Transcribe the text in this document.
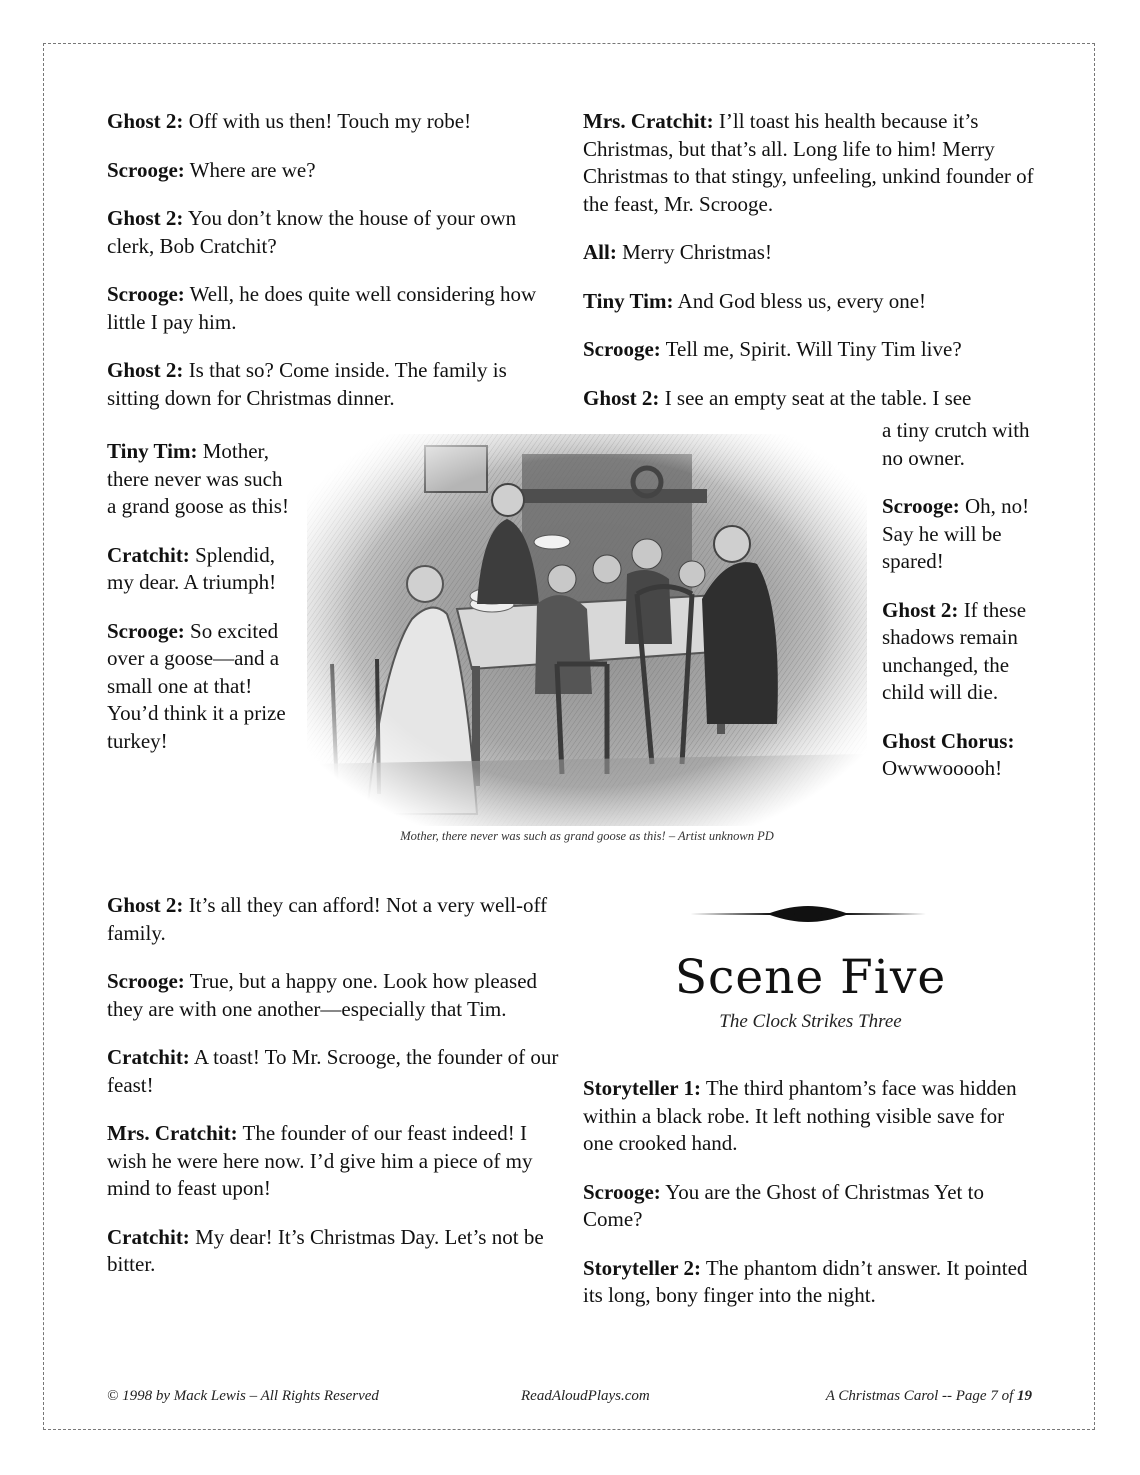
Ghost 2: Off with us then! Touch my robe!

Scrooge: Where are we?

Ghost 2: You don’t know the house of your own clerk, Bob Cratchit?

Scrooge: Well, he does quite well considering how little I pay him.

Ghost 2: Is that so? Come inside. The family is sitting down for Christmas dinner.

Tiny Tim: Mother, there never was such a grand goose as this!

Cratchit: Splendid, my dear. A triumph!

Scrooge: So excited over a goose—and a small one at that! You’d think it a prize turkey!

Ghost 2: It’s all they can afford! Not a very well-off family.

Scrooge: True, but a happy one. Look how pleased they are with one another—especially that Tim.

Cratchit: A toast! To Mr. Scrooge, the founder of our feast!

Mrs. Cratchit: The founder of our feast indeed! I wish he were here now. I’d give him a piece of my mind to feast upon!

Cratchit: My dear! It’s Christmas Day. Let’s not be bitter.

Mrs. Cratchit: I’ll toast his health because it’s Christmas, but that’s all. Long life to him! Merry Christmas to that stingy, unfeeling, unkind founder of the feast, Mr. Scrooge.

All: Merry Christmas!

Tiny Tim: And God bless us, every one!

Scrooge: Tell me, Spirit. Will Tiny Tim live?

Ghost 2: I see an empty seat at the table. I see

a tiny crutch with no owner.

Scrooge: Oh, no! Say he will be spared!

Ghost 2: If these shadows remain unchanged, the child will die.

Ghost Chorus: Owwwooooh!

Mother, there never was such as grand goose as this! – Artist unknown PD
Scene Five
The Clock Strikes Three

Storyteller 1: The third phantom’s face was hidden within a black robe. It left nothing visible save for one crooked hand.

Scrooge: You are the Ghost of Christmas Yet to Come?

Storyteller 2: The phantom didn’t answer. It pointed its long, bony finger into the night.

© 1998 by Mack Lewis – All Rights Reserved	ReadAloudPlays.com	A Christmas Carol -- Page 7 of 19
